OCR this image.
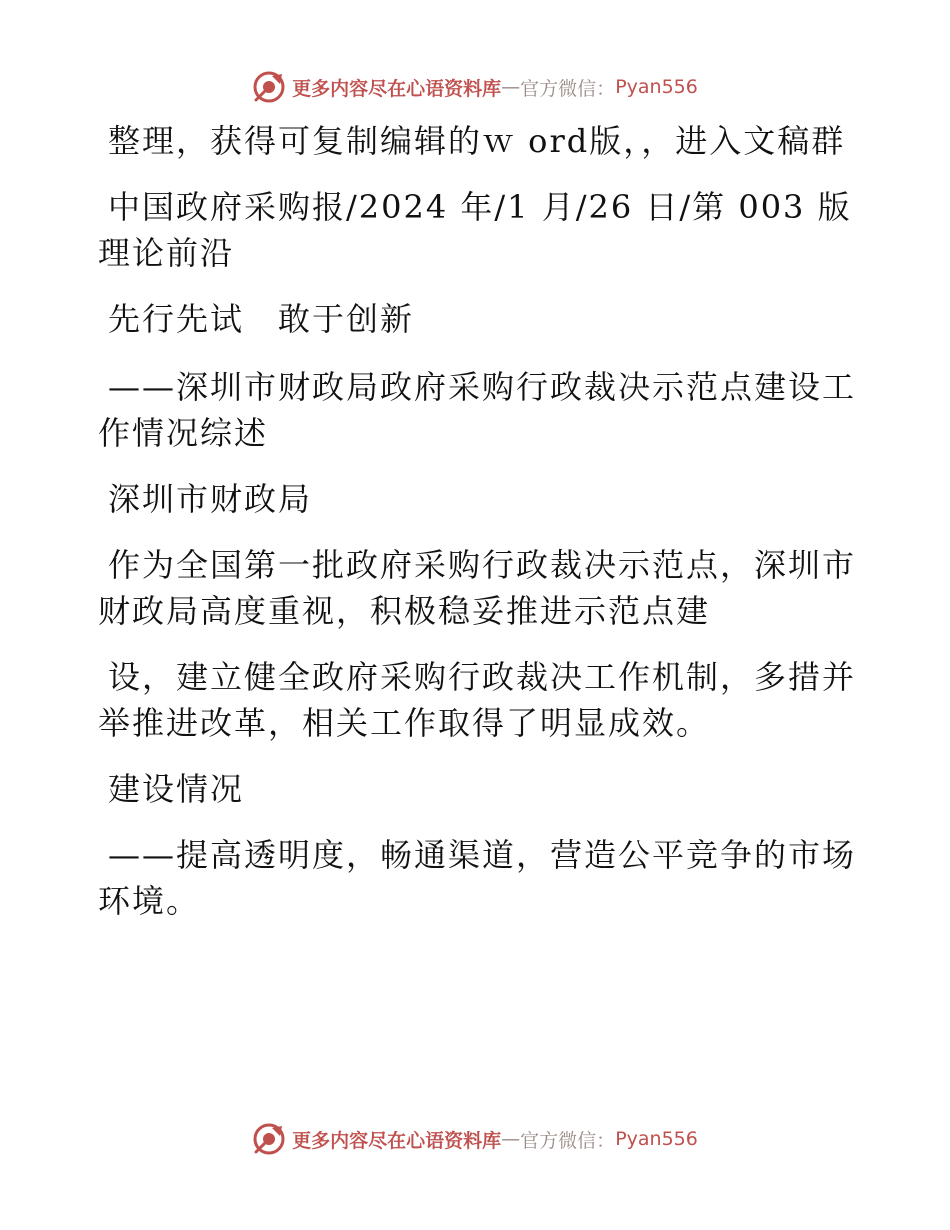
更多内容尽在心语资料库 — 官方微信： Pyan556

整理，获得可复制编辑的ｗ ord版，，进入文稿群

中国政府采购报/2024 年/1 月/26 日/第 003 版理论前沿

先行先试　敢于创新

——深圳市财政局政府采购行政裁决示范点建设工作情况综述

深圳市财政局

作为全国第一批政府采购行政裁决示范点，深圳市财政局高度重视，积极稳妥推进示范点建

设，建立健全政府采购行政裁决工作机制，多措并举推进改革，相关工作取得了明显成效。

建设情况

——提高透明度，畅通渠道，营造公平竞争的市场环境。

更多内容尽在心语资料库 — 官方微信： Pyan556
